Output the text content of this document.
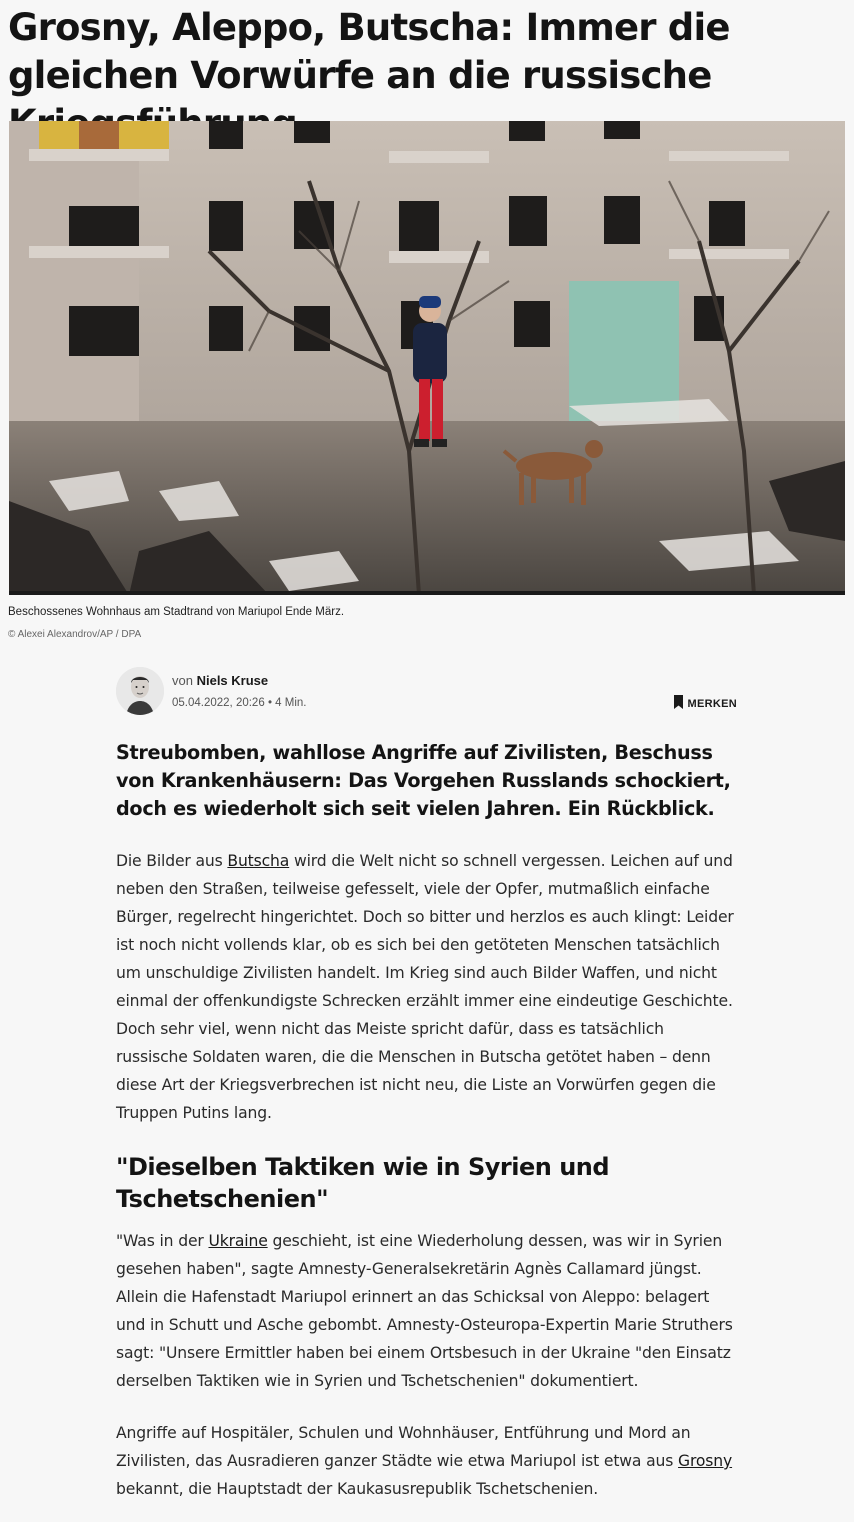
Grosny, Aleppo, Butscha: Immer die gleichen Vorwürfe an die russische
Beschossenes Wohnhaus am Stadtrand von Mariupol Ende März.
© Alexei Alexandrov/AP / DPA
von Niels Kruse
05.04.2022, 20:26 • 4 Min.	MERKEN

Streubomben, wahllose Angriffe auf Zivilisten, Beschuss von Krankenhäusern: Das Vorgehen Russlands schockiert, doch es wiederholt sich seit vielen Jahren. Ein Rückblick.

Die Bilder aus Butscha wird die Welt nicht so schnell vergessen. Leichen auf und neben den Straßen, teilweise gefesselt, viele der Opfer, mutmaßlich einfache Bürger, regelrecht hingerichtet. Doch so bitter und herzlos es auch klingt: Leider ist noch nicht vollends klar, ob es sich bei den getöteten Menschen tatsächlich um unschuldige Zivilisten handelt. Im Krieg sind auch Bilder Waffen, und nicht einmal der offenkundigste Schrecken erzählt immer eine eindeutige Geschichte. Doch sehr viel, wenn nicht das Meiste spricht dafür, dass es tatsächlich russische Soldaten waren, die die Menschen in Butscha getötet haben – denn diese Art der Kriegsverbrechen ist nicht neu, die Liste an Vorwürfen gegen die Truppen Putins lang.

"Dieselben Taktiken wie in Syrien und Tschetschenien"

"Was in der Ukraine geschieht, ist eine Wiederholung dessen, was wir in Syrien gesehen haben", sagte Amnesty-Generalsekretärin Agnès Callamard jüngst. Allein die Hafenstadt Mariupol erinnert an das Schicksal von Aleppo: belagert und in Schutt und Asche gebombt. Amnesty-Osteuropa-Expertin Marie Struthers sagt: "Unsere Ermittler haben bei einem Ortsbesuch in der Ukraine "den Einsatz derselben Taktiken wie in Syrien und Tschetschenien" dokumentiert.

Angriffe auf Hospitäler, Schulen und Wohnhäuser, Entführung und Mord an Zivilisten, das Ausradieren ganzer Städte wie etwa Mariupol ist etwa aus Grosny bekannt, die Hauptstadt der Kaukasusrepublik Tschetschenien.
